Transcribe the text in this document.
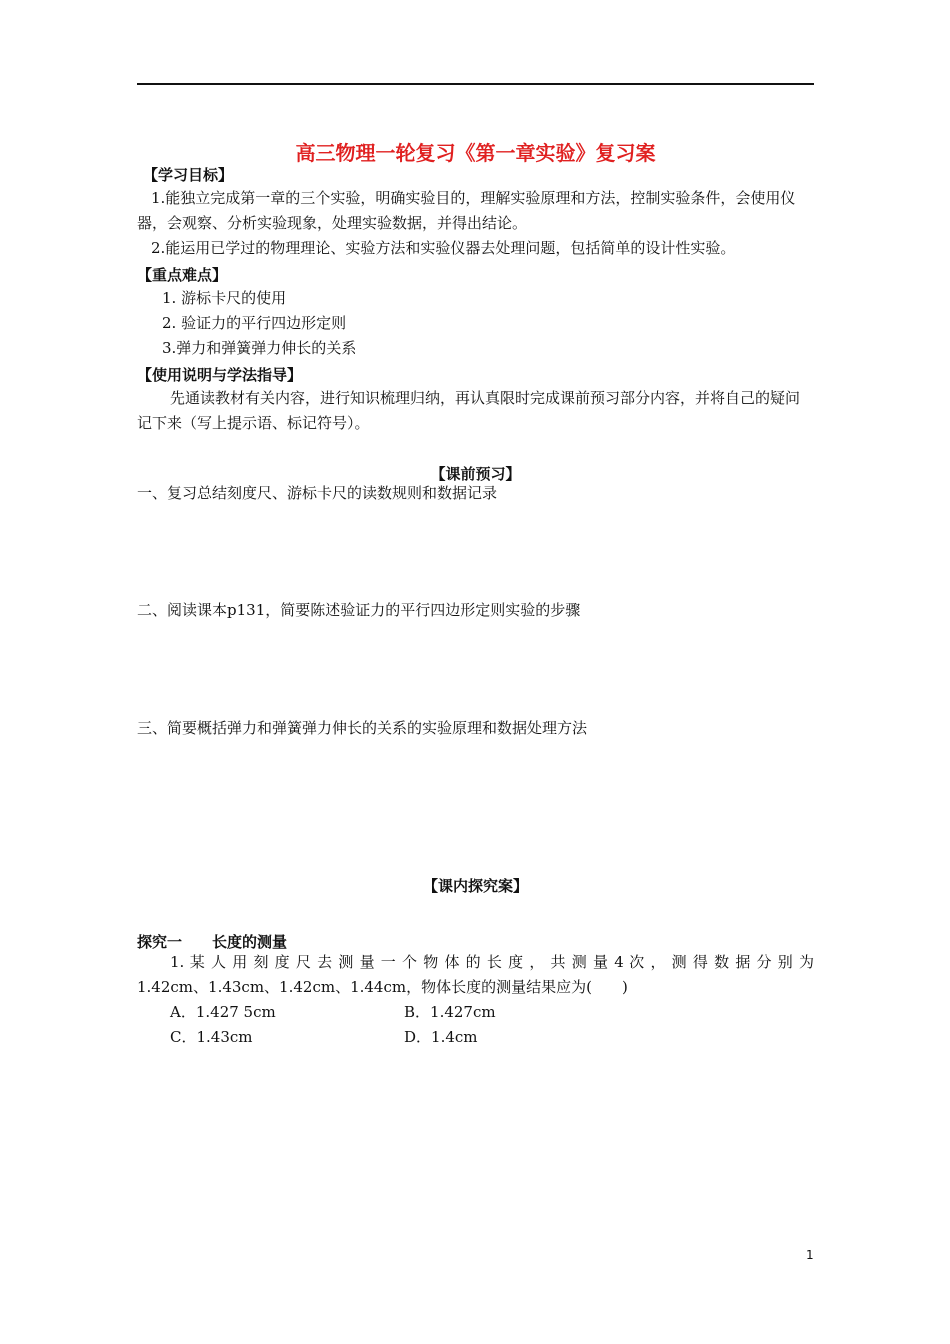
高三物理一轮复习《第一章实验》复习案
【学习目标】
1.能独立完成第一章的三个实验，明确实验目的，理解实验原理和方法，控制实验条件，会使用仪器，会观察、分析实验现象，处理实验数据，并得出结论。
2.能运用已学过的物理理论、实验方法和实验仪器去处理问题，包括简单的设计性实验。
【重点难点】
1. 游标卡尺的使用
2. 验证力的平行四边形定则
3.弹力和弹簧弹力伸长的关系
【使用说明与学法指导】
先通读教材有关内容，进行知识梳理归纳，再认真限时完成课前预习部分内容，并将自己的疑问记下来（写上提示语、标记符号）。
【课前预习】
一、复习总结刻度尺、游标卡尺的读数规则和数据记录
二、阅读课本p131，简要陈述验证力的平行四边形定则实验的步骤
三、简要概括弹力和弹簧弹力伸长的关系的实验原理和数据处理方法
【课内探究案】
探究一　　长度的测量
1. 某 人 用 刻 度 尺 去 测 量 一 个 物 体 的 长 度 ， 共 测 量 4 次 ， 测 得 数 据 分 别 为
1.42cm、1.43cm、1.42cm、1.44cm，物体长度的测量结果应为(　　)
A．1.427 5cm	B．1.427cm
C．1.43cm	D．1.4cm
1
